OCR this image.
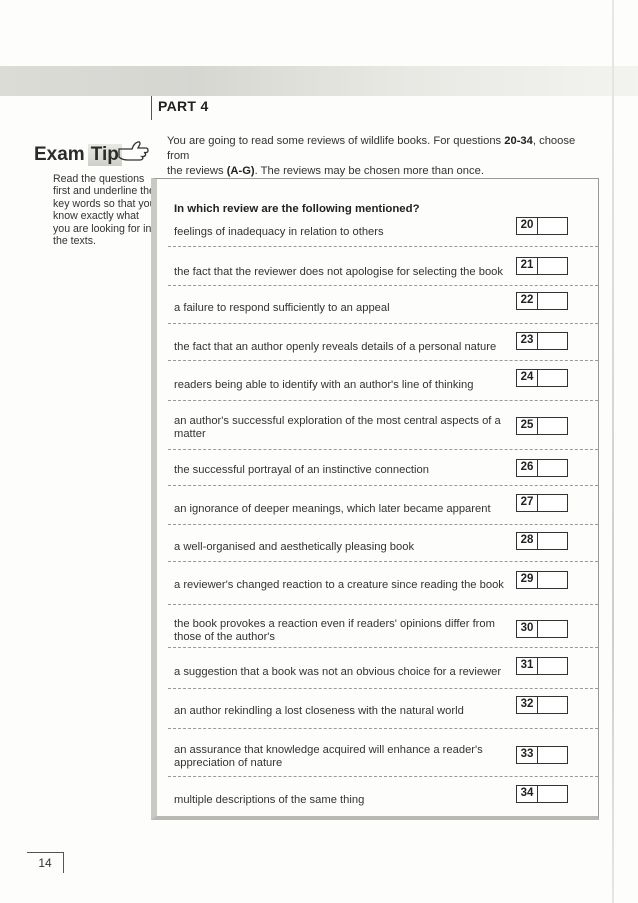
PART 4
You are going to read some reviews of wildlife books. For questions 20-34, choose from
the reviews (A-G). The reviews may be chosen more than once.
Exam Tip
Read the questions first and underline the key words so that you know exactly what you are looking for in the texts.
In which review are the following mentioned?
feelings of inadequacy in relation to others
20
the fact that the reviewer does not apologise for selecting the book
21
a failure to respond sufficiently to an appeal
22
the fact that an author openly reveals details of a personal nature
23
readers being able to identify with an author's line of thinking
24
an author's successful exploration of the most central aspects of a matter
25
the successful portrayal of an instinctive connection	26
an ignorance of deeper meanings, which later became apparent
27
a well-organised and aesthetically pleasing book
28
a reviewer's changed reaction to a creature since reading the book	29
the book provokes a reaction even if readers' opinions differ from those of the author's
30
a suggestion that a book was not an obvious choice for a reviewer
31
an author rekindling a lost closeness with the natural world
32
an assurance that knowledge acquired will enhance a reader's appreciation of nature
33
multiple descriptions of the same thing
34
14
